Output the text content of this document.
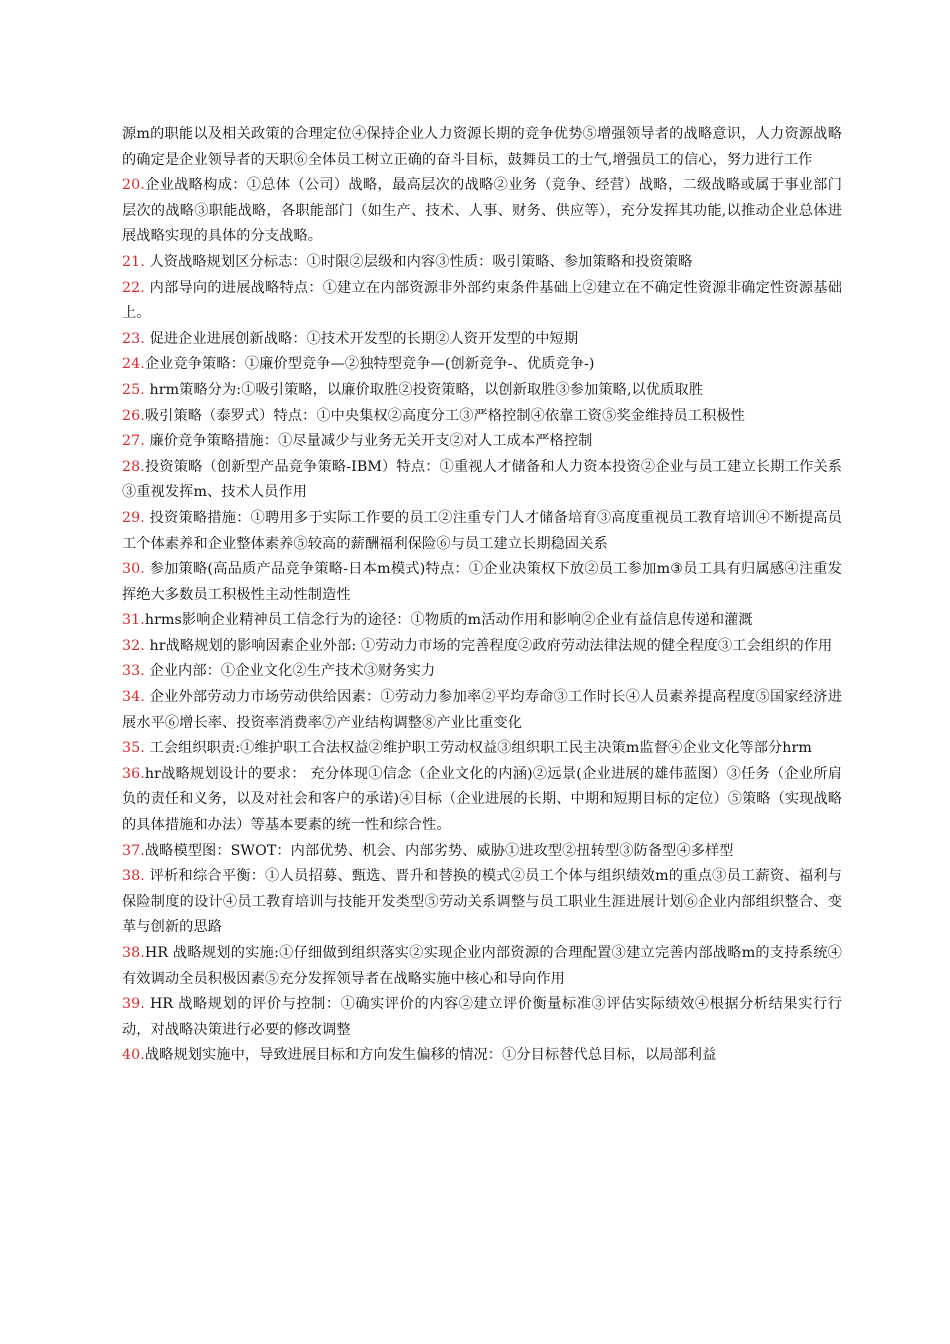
源m的职能以及相关政策的合理定位④保持企业人力资源长期的竞争优势⑤增强领导者的战略意识，人力资源战略的确定是企业领导者的天职⑥全体员工树立正确的奋斗目标，鼓舞员工的士气,增强员工的信心，努力进行工作

20.企业战略构成：①总体（公司）战略，最高层次的战略②业务（竞争、经营）战略，二级战略或属于事业部门层次的战略③职能战略，各职能部门（如生产、技术、人事、财务、供应等），充分发挥其功能,以推动企业总体进展战略实现的具体的分支战略。

21. 人资战略规划区分标志：①时限②层级和内容③性质：吸引策略、参加策略和投资策略

22. 内部导向的进展战略特点：①建立在内部资源非外部约束条件基础上②建立在不确定性资源非确定性资源基础上。

23. 促进企业进展创新战略：①技术开发型的长期②人资开发型的中短期

24.企业竞争策略：①廉价型竞争—②独特型竞争—(创新竞争-、优质竞争-)

25. hrm策略分为:①吸引策略，以廉价取胜②投资策略，以创新取胜③参加策略,以优质取胜

26.吸引策略（泰罗式）特点：①中央集权②高度分工③严格控制④依靠工资⑤奖金维持员工积极性

27. 廉价竞争策略措施：①尽量减少与业务无关开支②对人工成本严格控制

28.投资策略（创新型产品竞争策略-IBM）特点：①重视人才储备和人力资本投资②企业与员工建立长期工作关系③重视发挥m、技术人员作用

29. 投资策略措施：①聘用多于实际工作要的员工②注重专门人才储备培育③高度重视员工教育培训④不断提高员工个体素养和企业整体素养⑤较高的薪酬福利保险⑥与员工建立长期稳固关系

30. 参加策略(高品质产品竞争策略-日本m模式)特点：①企业决策权下放②员工参加m③员工具有归属感④注重发挥绝大多数员工积极性主动性制造性

31.hrms影响企业精神员工信念行为的途径：①物质的m活动作用和影响②企业有益信息传递和灌溉

32. hr战略规划的影响因素企业外部: ①劳动力市场的完善程度②政府劳动法律法规的健全程度③工会组织的作用

33. 企业内部：①企业文化②生产技术③财务实力

34. 企业外部劳动力市场劳动供给因素：①劳动力参加率②平均寿命③工作时长④人员素养提高程度⑤国家经济进展水平⑥增长率、投资率消费率⑦产业结构调整⑧产业比重变化

35. 工会组织职责:①维护职工合法权益②维护职工劳动权益③组织职工民主决策m监督④企业文化等部分hrm

36.hr战略规划设计的要求： 充分体现①信念（企业文化的内涵)②远景(企业进展的雄伟蓝图）③任务（企业所肩负的责任和义务，以及对社会和客户的承诺)④目标（企业进展的长期、中期和短期目标的定位）⑤策略（实现战略的具体措施和办法）等基本要素的统一性和综合性。

37.战略模型图：SWOT：内部优势、机会、内部劣势、威胁①进攻型②扭转型③防备型④多样型

38. 评析和综合平衡：①人员招募、甄选、晋升和替换的模式②员工个体与组织绩效m的重点③员工薪资、福利与保险制度的设计④员工教育培训与技能开发类型⑤劳动关系调整与员工职业生涯进展计划⑥企业内部组织整合、变革与创新的思路

38.HR 战略规划的实施:①仔细做到组织落实②实现企业内部资源的合理配置③建立完善内部战略m的支持系统④有效调动全员积极因素⑤充分发挥领导者在战略实施中核心和导向作用

39. HR 战略规划的评价与控制：①确实评价的内容②建立评价衡量标准③评估实际绩效④根据分析结果实行行动，对战略决策进行必要的修改调整

40.战略规划实施中，导致进展目标和方向发生偏移的情况：①分目标替代总目标，以局部利益
